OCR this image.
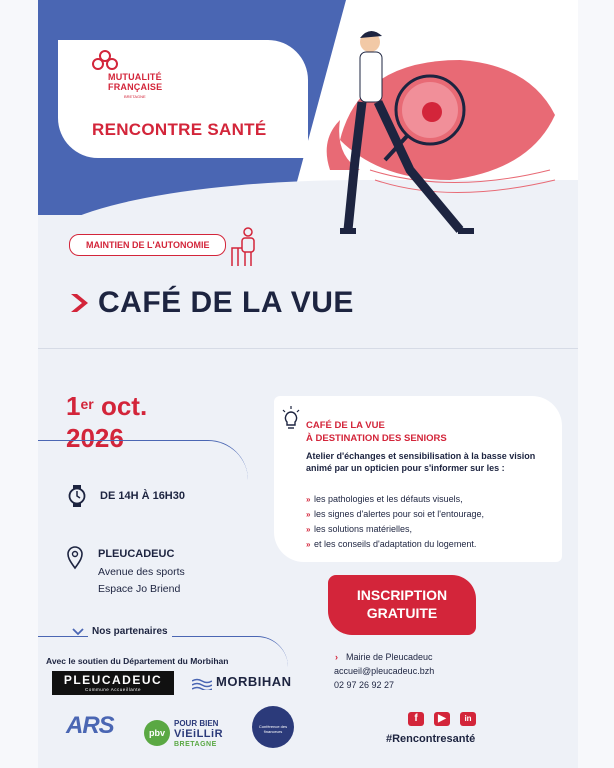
MUTUALITÉ
FRANÇAISE
BRETAGNE
RENCONTRE SANTÉ
MAINTIEN DE L'AUTONOMIE
CAFÉ DE LA VUE
1er oct.
2026
DE 14H À 16H30
PLEUCADEUC
Avenue des sports
Espace Jo Briend
Nos partenaires
Avec le soutien du Département du Morbihan
PLEUCADEUC
Commune Accueillante
MORBIHAN
ARS	pbv
POUR BIEN
ViEiLLiR
BRETAGNE
Conférence des financeurs
CAFÉ DE LA VUE
À DESTINATION DES SENIORS
Atelier d'échanges et sensibilisation à la basse vision animé par un opticien pour s'informer sur les :
» les pathologies et les défauts visuels,
» les signes d'alertes pour soi et l'entourage,
» les solutions matérielles,
» et les conseils d'adaptation du logement.
INSCRIPTION
GRATUITE
› Mairie de Pleucadeuc
accueil@pleucadeuc.bzh
02 97 26 92 27
f	▶	in
#Rencontresanté
